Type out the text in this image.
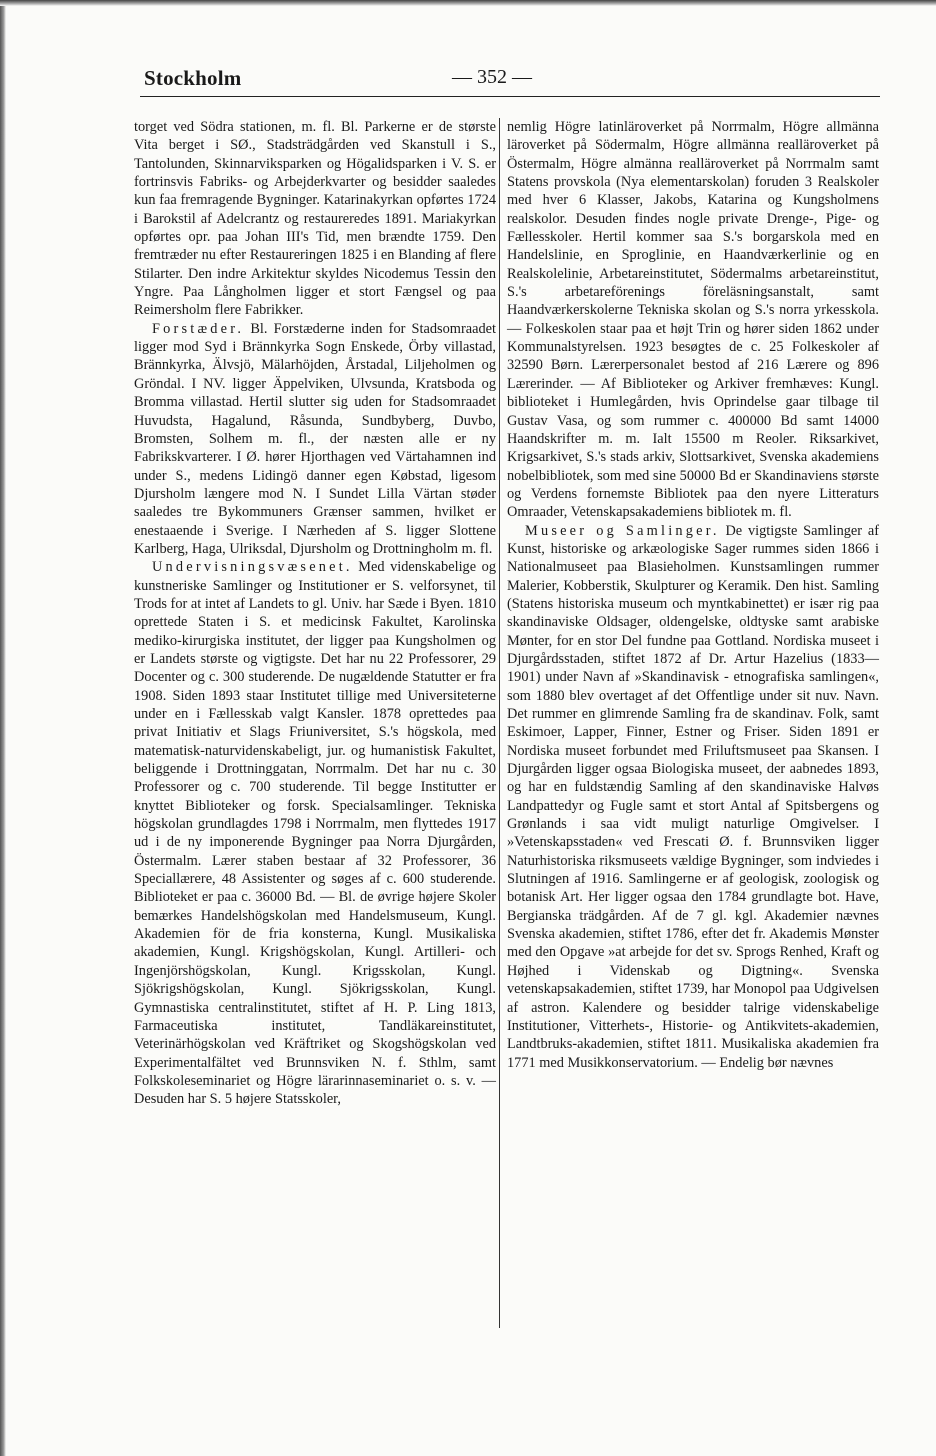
Stockholm	— 352 —

torget ved Södra stationen, m. fl. Bl. Parkerne er de største Vita berget i SØ., Stadsträdgården ved Skanstull i S., Tantolunden, Skinnarviksparken og Högalidsparken i V. S. er fortrinsvis Fabriks- og Arbejderkvarter og besidder saaledes kun faa fremragende Bygninger. Katarinakyrkan opførtes 1724 i Barokstil af Adelcrantz og restaureredes 1891. Mariakyrkan opførtes opr. paa Johan III's Tid, men brændte 1759. Den fremtræder nu efter Restaureringen 1825 i en Blanding af flere Stilarter. Den indre Arkitektur skyldes Nicodemus Tessin den Yngre. Paa Långholmen ligger et stort Fængsel og paa Reimersholm flere Fabrikker.

Forstæder. Bl. Forstæderne inden for Stadsomraadet ligger mod Syd i Brännkyrka Sogn Enskede, Örby villastad, Brännkyrka, Älvsjö, Mälarhöjden, Årstadal, Liljeholmen og Gröndal. I NV. ligger Äppelviken, Ulvsunda, Kratsboda og Bromma villastad. Hertil slutter sig uden for Stadsomraadet Huvudsta, Hagalund, Råsunda, Sundbyberg, Duvbo, Bromsten, Solhem m. fl., der næsten alle er ny Fabrikskvarterer. I Ø. hører Hjorthagen ved Värtahamnen ind under S., medens Lidingö danner egen Købstad, ligesom Djursholm længere mod N. I Sundet Lilla Värtan støder saaledes tre Bykommuners Grænser sammen, hvilket er enestaaende i Sverige. I Nærheden af S. ligger Slottene Karlberg, Haga, Ulriksdal, Djursholm og Drottningholm m. fl.

Undervisningsvæsenet. Med videnskabelige og kunstneriske Samlinger og Institutioner er S. velforsynet, til Trods for at intet af Landets to gl. Univ. har Sæde i Byen. 1810 oprettede Staten i S. et medicinsk Fakultet, Karolinska mediko-kirurgiska institutet, der ligger paa Kungsholmen og er Landets største og vigtigste. Det har nu 22 Professorer, 29 Docenter og c. 300 studerende. De nugældende Statutter er fra 1908. Siden 1893 staar Institutet tillige med Universiteterne under en i Fællesskab valgt Kansler. 1878 oprettedes paa privat Initiativ et Slags Friuniversitet, S.'s högskola, med matematisk-naturvidenskabeligt, jur. og humanistisk Fakultet, beliggende i Drottninggatan, Norrmalm. Det har nu c. 30 Professorer og c. 700 studerende. Til begge Institutter er knyttet Biblioteker og forsk. Specialsamlinger. Tekniska högskolan grundlagdes 1798 i Norrmalm, men flyttedes 1917 ud i de ny imponerende Bygninger paa Norra Djurgården, Östermalm. Lærer staben bestaar af 32 Professorer, 36 Speciallærere, 48 Assistenter og søges af c. 600 studerende. Biblioteket er paa c. 36000 Bd. — Bl. de øvrige højere Skoler bemærkes Handelshögskolan med Handelsmuseum, Kungl. Akademien för de fria konsterna, Kungl. Musikaliska akademien, Kungl. Krigshögskolan, Kungl. Artilleri- och Ingenjörshögskolan, Kungl. Krigsskolan, Kungl. Sjökrigshögskolan, Kungl. Sjökrigsskolan, Kungl. Gymnastiska centralinstitutet, stiftet af H. P. Ling 1813, Farmaceutiska institutet, Tandläkareinstitutet, Veterinärhögskolan ved Kräftriket og Skogshögskolan ved Experimentalfältet ved Brunnsviken N. f. Sthlm, samt Folkskoleseminariet og Högre lärarinnaseminariet o. s. v. — Desuden har S. 5 højere Statsskoler,

nemlig Högre latinläroverket på Norrmalm, Högre allmänna läroverket på Södermalm, Högre allmänna realläroverket på Östermalm, Högre almänna realläroverket på Norrmalm samt Statens provskola (Nya elementarskolan) foruden 3 Realskoler med hver 6 Klasser, Jakobs, Katarina og Kungsholmens realskolor. Desuden findes nogle private Drenge-, Pige- og Fællesskoler. Hertil kommer saa S.'s borgarskola med en Handelslinie, en Sproglinie, en Haandværkerlinie og en Realskolelinie, Arbetareinstitutet, Södermalms arbetareinstitut, S.'s arbetareförenings föreläsningsanstalt, samt Haandværkerskolerne Tekniska skolan og S.'s norra yrkesskola. — Folkeskolen staar paa et højt Trin og hører siden 1862 under Kommunalstyrelsen. 1923 besøgtes de c. 25 Folkeskoler af 32590 Børn. Lærerpersonalet bestod af 216 Lærere og 896 Lærerinder. — Af Biblioteker og Arkiver fremhæves: Kungl. biblioteket i Humlegården, hvis Oprindelse gaar tilbage til Gustav Vasa, og som rummer c. 400000 Bd samt 14000 Haandskrifter m. m. Ialt 15500 m Reoler. Riksarkivet, Krigsarkivet, S.'s stads arkiv, Slottsarkivet, Svenska akademiens nobelbibliotek, som med sine 50000 Bd er Skandinaviens største og Verdens fornemste Bibliotek paa den nyere Litteraturs Omraader, Vetenskapsakademiens bibliotek m. fl.

Museer og Samlinger. De vigtigste Samlinger af Kunst, historiske og arkæologiske Sager rummes siden 1866 i Nationalmuseet paa Blasieholmen. Kunstsamlingen rummer Malerier, Kobberstik, Skulpturer og Keramik. Den hist. Samling (Statens historiska museum och myntkabinettet) er især rig paa skandinaviske Oldsager, oldengelske, oldtyske samt arabiske Mønter, for en stor Del fundne paa Gottland. Nordiska museet i Djurgårdsstaden, stiftet 1872 af Dr. Artur Hazelius (1833—1901) under Navn af »Skandinavisk - etnografiska samlingen«, som 1880 blev overtaget af det Offentlige under sit nuv. Navn. Det rummer en glimrende Samling fra de skandinav. Folk, samt Eskimoer, Lapper, Finner, Estner og Friser. Siden 1891 er Nordiska museet forbundet med Friluftsmuseet paa Skansen. I Djurgården ligger ogsaa Biologiska museet, der aabnedes 1893, og har en fuldstændig Samling af den skandinaviske Halvøs Landpattedyr og Fugle samt et stort Antal af Spitsbergens og Grønlands i saa vidt muligt naturlige Omgivelser. I »Vetenskapsstaden« ved Frescati Ø. f. Brunnsviken ligger Naturhistoriska riksmuseets vældige Bygninger, som indviedes i Slutningen af 1916. Samlingerne er af geologisk, zoologisk og botanisk Art. Her ligger ogsaa den 1784 grundlagte bot. Have, Bergianska trädgården. Af de 7 gl. kgl. Akademier nævnes Svenska akademien, stiftet 1786, efter det fr. Akademis Mønster med den Opgave »at arbejde for det sv. Sprogs Renhed, Kraft og Højhed i Videnskab og Digtning«. Svenska vetenskapsakademien, stiftet 1739, har Monopol paa Udgivelsen af astron. Kalendere og besidder talrige videnskabelige Institutioner, Vitterhets-, Historie- og Antikvitets-akademien, Landtbruks-akademien, stiftet 1811. Musikaliska akademien fra 1771 med Musikkonservatorium. — Endelig bør nævnes
